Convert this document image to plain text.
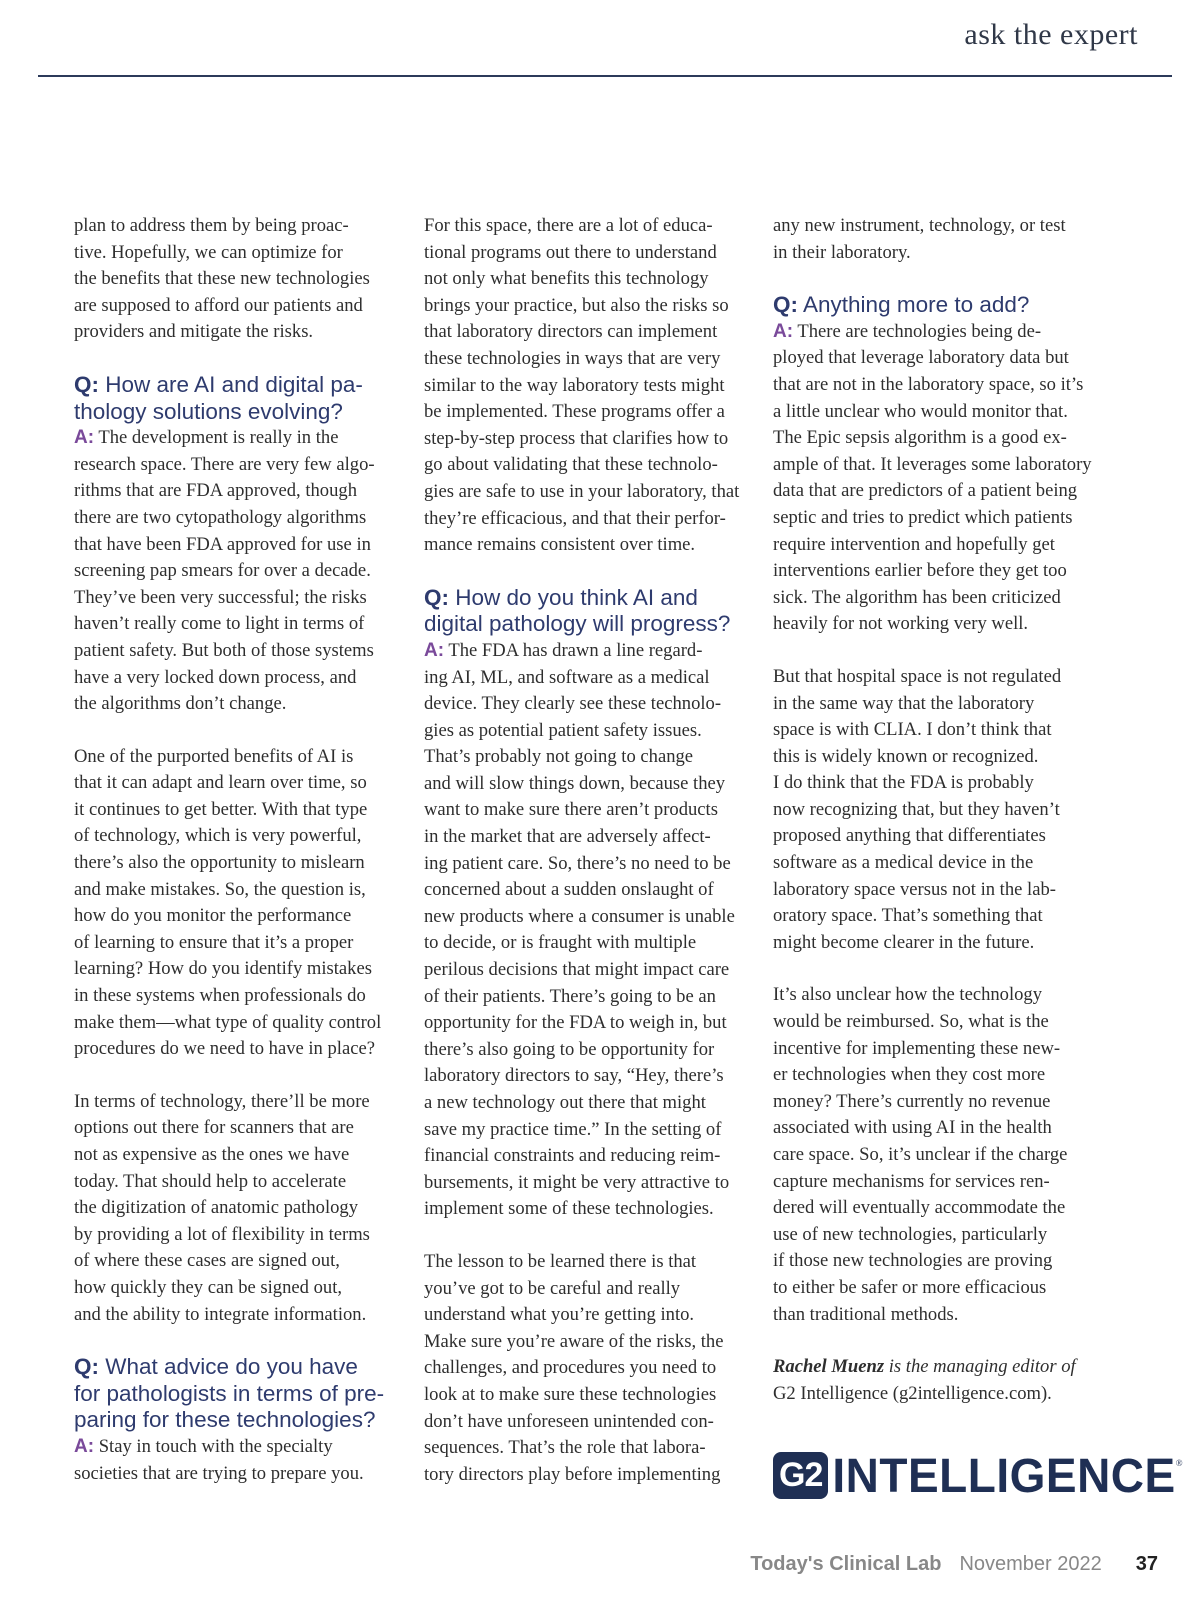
ask the expert
plan to address them by being proac-
tive. Hopefully, we can optimize for
the benefits that these new technologies
are supposed to afford our patients and
providers and mitigate the risks.
Q: How are AI and digital pa-
thology solutions evolving?
A: The development is really in the
research space. There are very few algo-
rithms that are FDA approved, though
there are two cytopathology algorithms
that have been FDA approved for use in
screening pap smears for over a decade.
They’ve been very successful; the risks
haven’t really come to light in terms of
patient safety. But both of those systems
have a very locked down process, and
the algorithms don’t change.
One of the purported benefits of AI is
that it can adapt and learn over time, so
it continues to get better. With that type
of technology, which is very powerful,
there’s also the opportunity to mislearn
and make mistakes. So, the question is,
how do you monitor the performance
of learning to ensure that it’s a proper
learning? How do you identify mistakes
in these systems when professionals do
make them—what type of quality control
procedures do we need to have in place?
In terms of technology, there’ll be more
options out there for scanners that are
not as expensive as the ones we have
today. That should help to accelerate
the digitization of anatomic pathology
by providing a lot of flexibility in terms
of where these cases are signed out,
how quickly they can be signed out,
and the ability to integrate information.
Q: What advice do you have
for pathologists in terms of pre-
paring for these technologies?
A: Stay in touch with the specialty
societies that are trying to prepare you.
For this space, there are a lot of educa-
tional programs out there to understand
not only what benefits this technology
brings your practice, but also the risks so
that laboratory directors can implement
these technologies in ways that are very
similar to the way laboratory tests might
be implemented. These programs offer a
step-by-step process that clarifies how to
go about validating that these technolo-
gies are safe to use in your laboratory, that
they’re efficacious, and that their perfor-
mance remains consistent over time.
Q: How do you think AI and
digital pathology will progress?
A: The FDA has drawn a line regard-
ing AI, ML, and software as a medical
device. They clearly see these technolo-
gies as potential patient safety issues.
That’s probably not going to change
and will slow things down, because they
want to make sure there aren’t products
in the market that are adversely affect-
ing patient care. So, there’s no need to be
concerned about a sudden onslaught of
new products where a consumer is unable
to decide, or is fraught with multiple
perilous decisions that might impact care
of their patients. There’s going to be an
opportunity for the FDA to weigh in, but
there’s also going to be opportunity for
laboratory directors to say, “Hey, there’s
a new technology out there that might
save my practice time.” In the setting of
financial constraints and reducing reim-
bursements, it might be very attractive to
implement some of these technologies.
The lesson to be learned there is that
you’ve got to be careful and really
understand what you’re getting into.
Make sure you’re aware of the risks, the
challenges, and procedures you need to
look at to make sure these technologies
don’t have unforeseen unintended con-
sequences. That’s the role that labora-
tory directors play before implementing
any new instrument, technology, or test
in their laboratory.
Q: Anything more to add?
A: There are technologies being de-
ployed that leverage laboratory data but
that are not in the laboratory space, so it’s
a little unclear who would monitor that.
The Epic sepsis algorithm is a good ex-
ample of that. It leverages some laboratory
data that are predictors of a patient being
septic and tries to predict which patients
require intervention and hopefully get
interventions earlier before they get too
sick. The algorithm has been criticized
heavily for not working very well.
But that hospital space is not regulated
in the same way that the laboratory
space is with CLIA. I don’t think that
this is widely known or recognized.
I do think that the FDA is probably
now recognizing that, but they haven’t
proposed anything that differentiates
software as a medical device in the
laboratory space versus not in the lab-
oratory space. That’s something that
might become clearer in the future.
It’s also unclear how the technology
would be reimbursed. So, what is the
incentive for implementing these new-
er technologies when they cost more
money? There’s currently no revenue
associated with using AI in the health
care space. So, it’s unclear if the charge
capture mechanisms for services ren-
dered will eventually accommodate the
use of new technologies, particularly
if those new technologies are proving
to either be safer or more efficacious
than traditional methods.
Rachel Muenz is the managing editor of
G2 Intelligence (g2intelligence.com).
G2 INTELLIGENCE ®
Today's Clinical Lab November 2022 37
